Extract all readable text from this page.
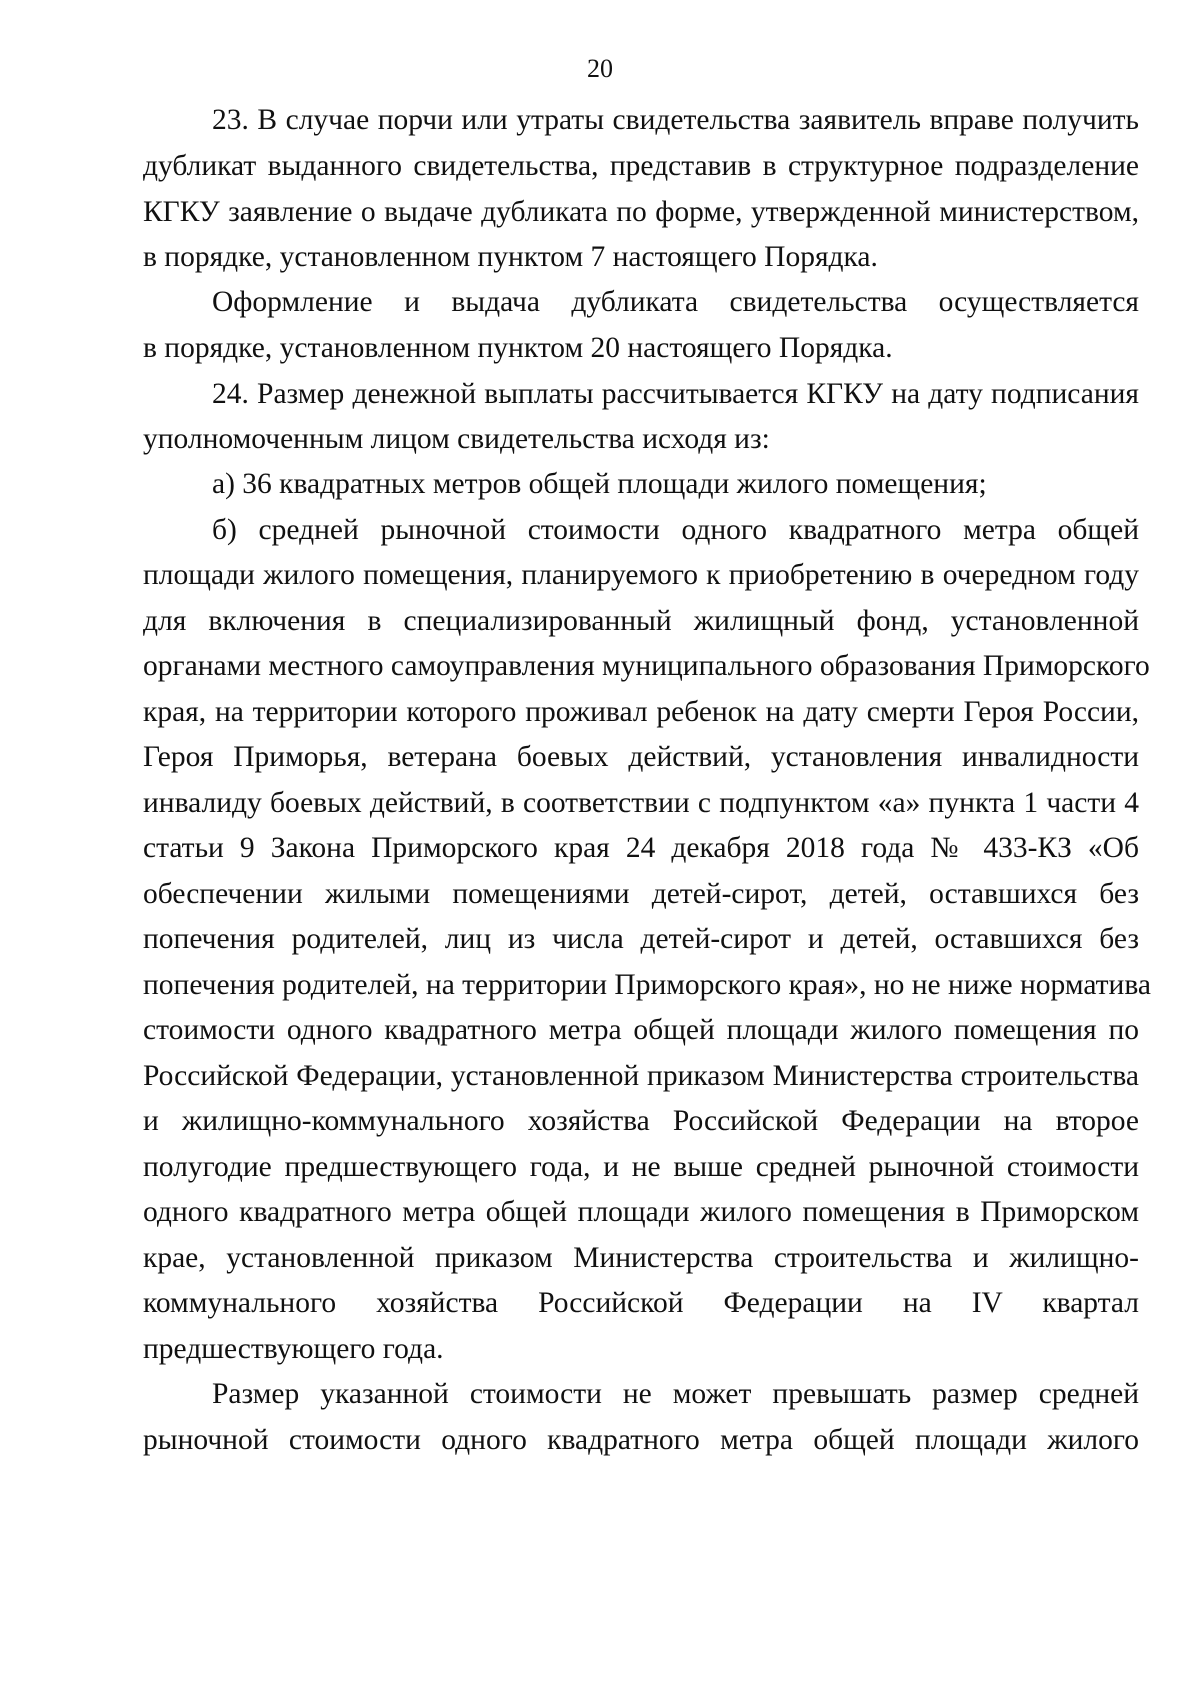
20
23. В случае порчи или утраты свидетельства заявитель вправе получить
дубликат выданного свидетельства, представив в структурное подразделение
КГКУ заявление о выдаче дубликата по форме, утвержденной министерством,
в порядке, установленном пунктом 7 настоящего Порядка.
Оформление и выдача дубликата свидетельства осуществляется
в порядке, установленном пунктом 20 настоящего Порядка.
24. Размер денежной выплаты рассчитывается КГКУ на дату подписания
уполномоченным лицом свидетельства исходя из:
а) 36 квадратных метров общей площади жилого помещения;
б) средней рыночной стоимости одного квадратного метра общей
площади жилого помещения, планируемого к приобретению в очередном году
для включения в специализированный жилищный фонд, установленной
органами местного самоуправления муниципального образования Приморского
края, на территории которого проживал ребенок на дату смерти Героя России,
Героя Приморья, ветерана боевых действий, установления инвалидности
инвалиду боевых действий, в соответствии с подпунктом «а» пункта 1 части 4
статьи 9 Закона Приморского края 24 декабря 2018 года № 433-КЗ «Об
обеспечении жилыми помещениями детей-сирот, детей, оставшихся без
попечения родителей, лиц из числа детей-сирот и детей, оставшихся без
попечения родителей, на территории Приморского края», но не ниже норматива
стоимости одного квадратного метра общей площади жилого помещения по
Российской Федерации, установленной приказом Министерства строительства
и жилищно-коммунального хозяйства Российской Федерации на второе
полугодие предшествующего года, и не выше средней рыночной стоимости
одного квадратного метра общей площади жилого помещения в Приморском
крае, установленной приказом Министерства строительства и жилищно-
коммунального хозяйства Российской Федерации на IV квартал
предшествующего года.
Размер указанной стоимости не может превышать размер средней
рыночной стоимости одного квадратного метра общей площади жилого
